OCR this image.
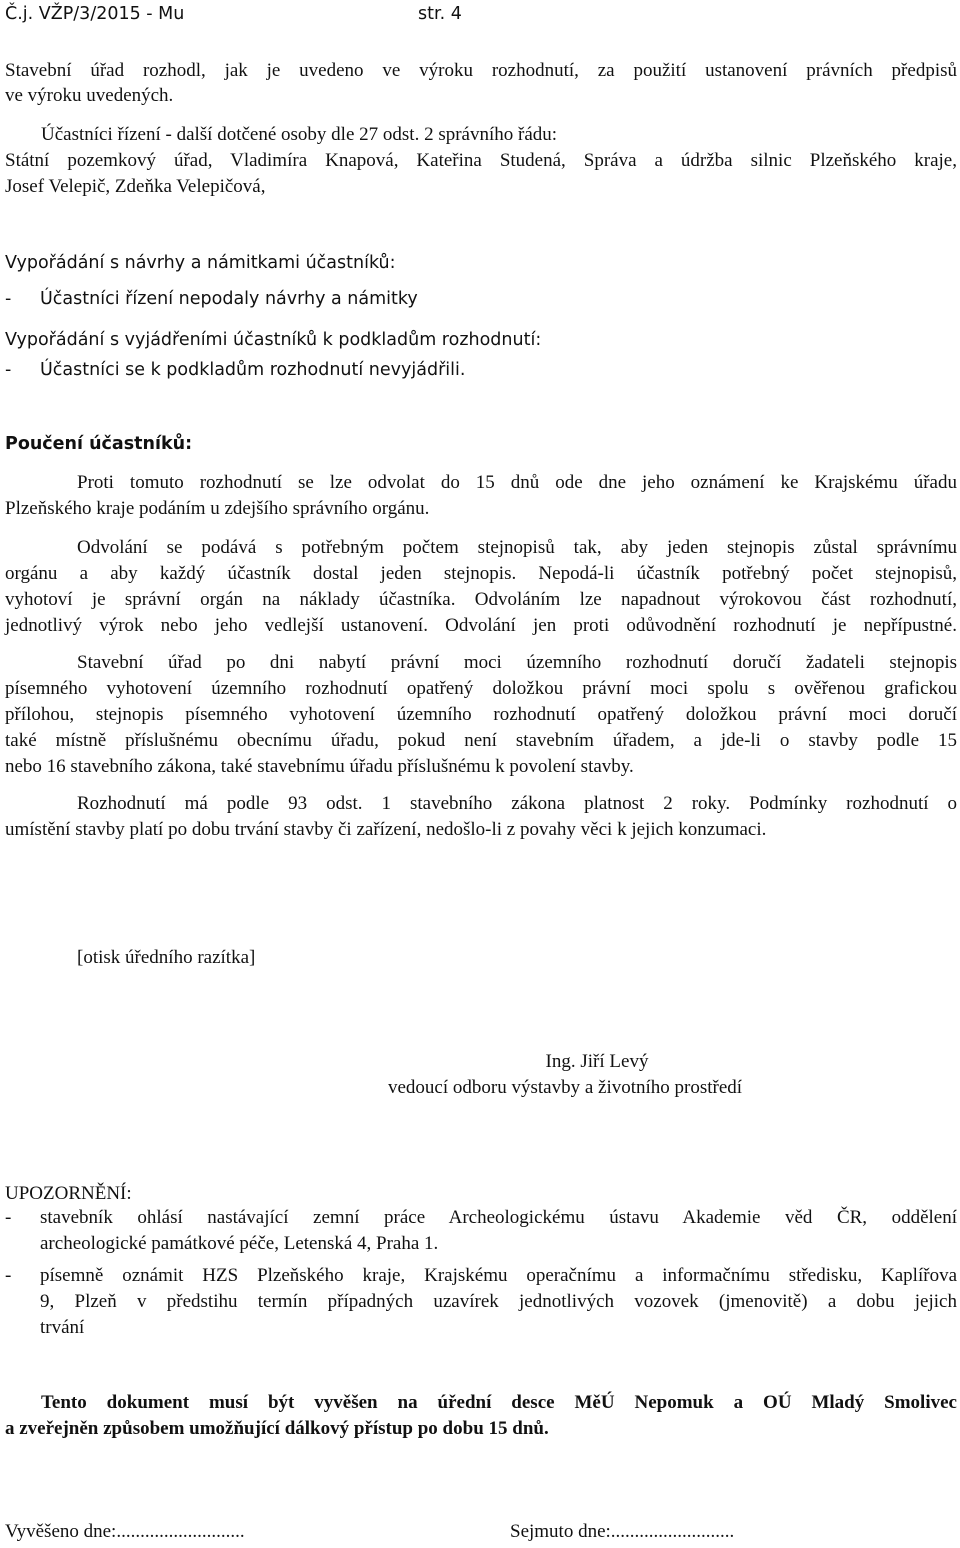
Č.j. VŽP/3/2015 - Mu	str. 4
Stavební úřad rozhodl, jak je uvedeno ve výroku rozhodnutí, za použití ustanovení právních předpisů
ve výroku uvedených.
Účastníci řízení - další dotčené osoby dle 27 odst. 2 správního řádu:
Státní pozemkový úřad, Vladimíra Knapová, Kateřina Studená, Správa a údržba silnic Plzeňského kraje,
Josef Velepič, Zdeňka Velepičová,
Vypořádání s návrhy a námitkami účastníků:
- Účastníci řízení nepodaly návrhy a námitky
Vypořádání s vyjádřeními účastníků k podkladům rozhodnutí:
- Účastníci se k podkladům rozhodnutí nevyjádřili.
Poučení účastníků:
Proti tomuto rozhodnutí se lze odvolat do 15 dnů ode dne jeho oznámení ke Krajskému úřadu
Plzeňského kraje podáním u zdejšího správního orgánu.
Odvolání se podává s potřebným počtem stejnopisů tak, aby jeden stejnopis zůstal správnímu
orgánu a aby každý účastník dostal jeden stejnopis. Nepodá-li účastník potřebný počet stejnopisů,
vyhotoví je správní orgán na náklady účastníka. Odvoláním lze napadnout výrokovou část rozhodnutí,
jednotlivý výrok nebo jeho vedlejší ustanovení. Odvolání jen proti odůvodnění rozhodnutí je nepřípustné.
Stavební úřad po dni nabytí právní moci územního rozhodnutí doručí žadateli stejnopis
písemného vyhotovení územního rozhodnutí opatřený doložkou právní moci spolu s ověřenou grafickou
přílohou, stejnopis písemného vyhotovení územního rozhodnutí opatřený doložkou právní moci doručí
také místně příslušnému obecnímu úřadu, pokud není stavebním úřadem, a jde-li o stavby podle 15
nebo 16 stavebního zákona, také stavebnímu úřadu příslušnému k povolení stavby.
Rozhodnutí má podle 93 odst. 1 stavebního zákona platnost 2 roky. Podmínky rozhodnutí o
umístění stavby platí po dobu trvání stavby či zařízení, nedošlo-li z povahy věci k jejich konzumaci.
[otisk úředního razítka]
Ing. Jiří Levý
vedoucí odboru výstavby a životního prostředí
UPOZORNĚNÍ:
- stavebník ohlásí nastávající zemní práce Archeologickému ústavu Akademie věd ČR, oddělení
archeologické památkové péče, Letenská 4, Praha 1.
- písemně oznámit HZS Plzeňského kraje, Krajskému operačnímu a informačnímu středisku, Kaplířova
9, Plzeň v předstihu termín případných uzavírek jednotlivých vozovek (jmenovitě) a dobu jejich
trvání
Tento dokument musí být vyvěšen na úřední desce MěÚ Nepomuk a OÚ Mladý Smolivec
a zveřejněn způsobem umožňující dálkový přístup po dobu 15 dnů.
Vyvěšeno dne:...........................	Sejmuto dne:..........................
